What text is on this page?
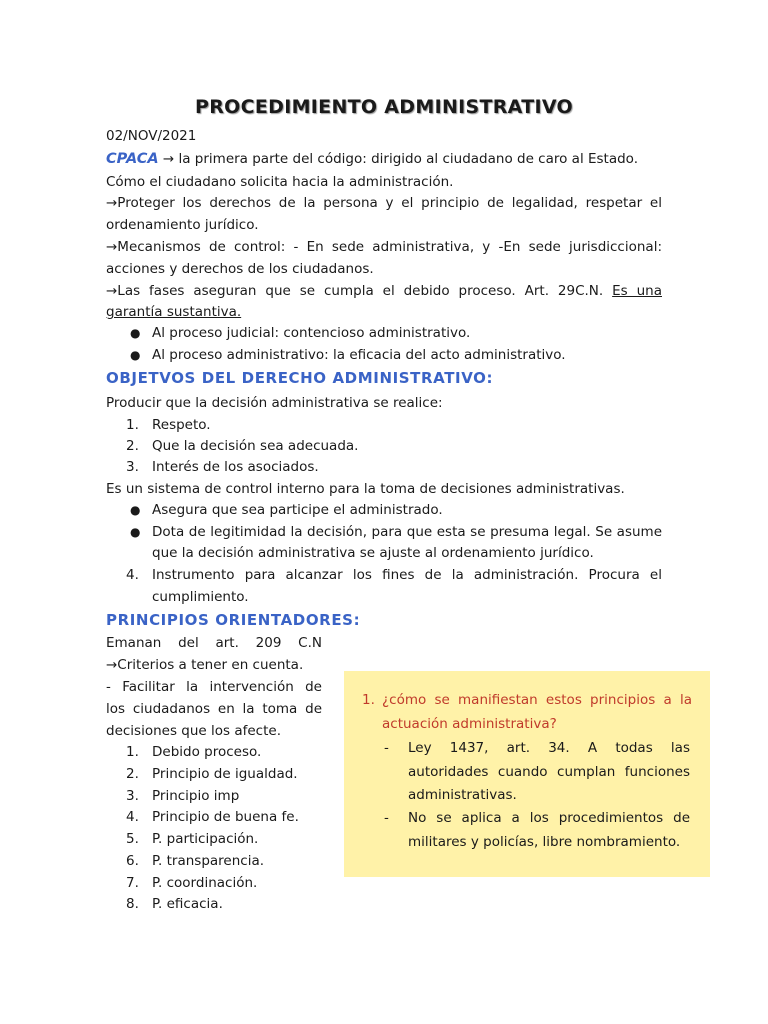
PROCEDIMIENTO ADMINISTRATIVO
02/NOV/2021
CPACA → la primera parte del código: dirigido al ciudadano de caro al Estado.
Cómo el ciudadano solicita hacia la administración.
→Proteger los derechos de la persona y el principio de legalidad, respetar el
ordenamiento jurídico.
→Mecanismos de control: - En sede administrativa, y -En sede jurisdiccional:
acciones y derechos de los ciudadanos.
→Las fases aseguran que se cumpla el debido proceso. Art. 29C.N. Es una
garantía sustantiva.
● Al proceso judicial: contencioso administrativo.
● Al proceso administrativo: la eficacia del acto administrativo.
OBJETVOS DEL DERECHO ADMINISTRATIVO:
Producir que la decisión administrativa se realice:
1. Respeto.
2. Que la decisión sea adecuada.
3. Interés de los asociados.
Es un sistema de control interno para la toma de decisiones administrativas.
● Asegura que sea participe el administrado.
● Dota de legitimidad la decisión, para que esta se presuma legal. Se asume
que la decisión administrativa se ajuste al ordenamiento jurídico.
4. Instrumento para alcanzar los fines de la administración. Procura el
cumplimiento.
PRINCIPIOS ORIENTADORES:
Emanan del art. 209 C.N
→Criterios a tener en cuenta.
- Facilitar la intervención de
los ciudadanos en la toma de
decisiones que los afecte.
1. Debido proceso.
2. Principio de igualdad.
3. Principio imp
4. Principio de buena fe.
5. P. participación.
6. P. transparencia.
7. P. coordinación.
8. P. eficacia.
1. ¿cómo se manifiestan estos principios a la
actuación administrativa?
-	Ley 1437, art. 34. A todas las
autoridades cuando cumplan funciones
administrativas.
-	No se aplica a los procedimientos de
militares y policías, libre nombramiento.
